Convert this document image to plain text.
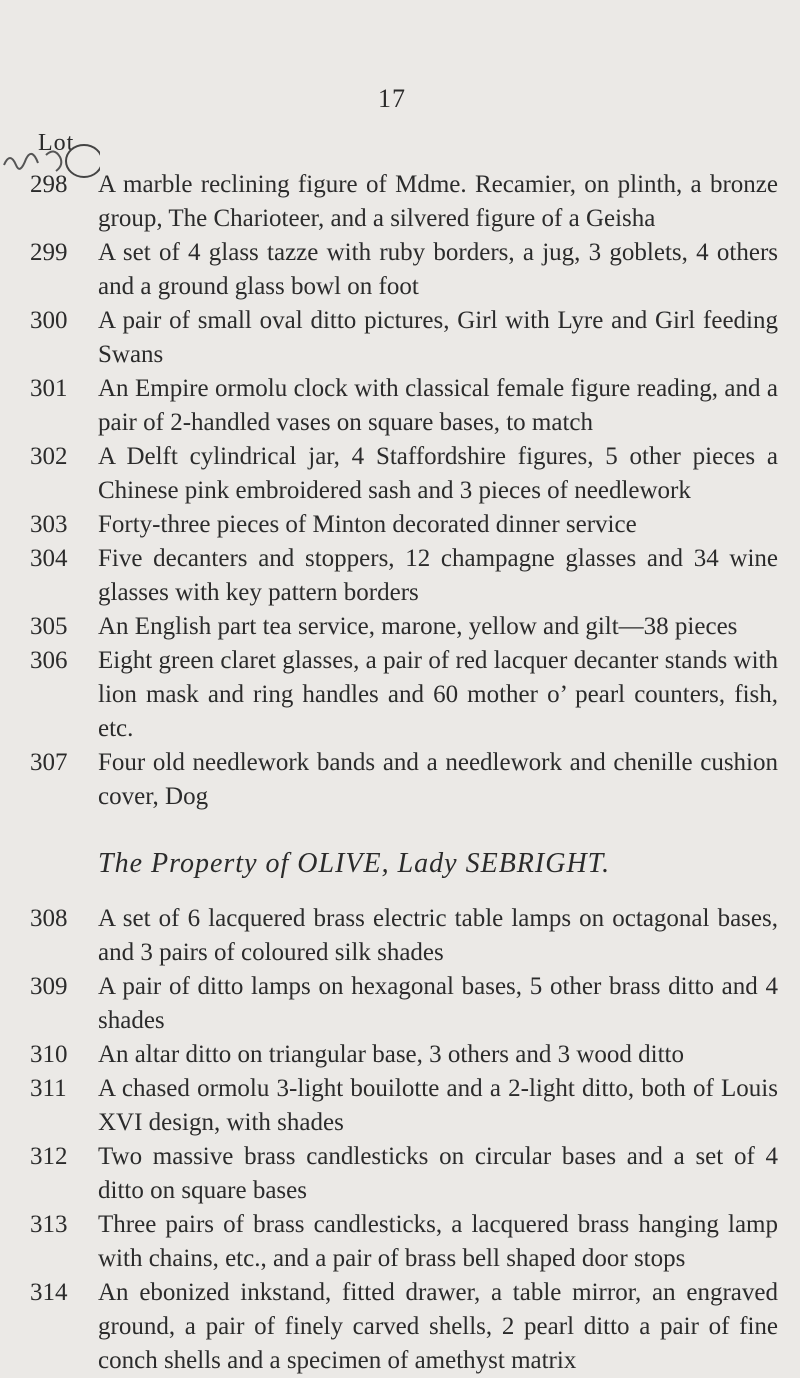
17
Lot
298	A marble reclining figure of Mdme. Recamier, on plinth, a bronze group, The Charioteer, and a silvered figure of a Geisha
299	A set of 4 glass tazze with ruby borders, a jug, 3 goblets, 4 others and a ground glass bowl on foot
300	A pair of small oval ditto pictures, Girl with Lyre and Girl feeding Swans
301	An Empire ormolu clock with classical female figure reading, and a pair of 2-handled vases on square bases, to match
302	A Delft cylindrical jar, 4 Staffordshire figures, 5 other pieces a Chinese pink embroidered sash and 3 pieces of needlework
303	Forty-three pieces of Minton decorated dinner service
304	Five decanters and stoppers, 12 champagne glasses and 34 wine glasses with key pattern borders
305	An English part tea service, marone, yellow and gilt—38 pieces
306	Eight green claret glasses, a pair of red lacquer decanter stands with lion mask and ring handles and 60 mother o’ pearl counters, fish, etc.
307	Four old needlework bands and a needlework and chenille cushion cover, Dog
The Property of OLIVE, Lady SEBRIGHT.
308	A set of 6 lacquered brass electric table lamps on octagonal bases, and 3 pairs of coloured silk shades
309	A pair of ditto lamps on hexagonal bases, 5 other brass ditto and 4 shades
310	An altar ditto on triangular base, 3 others and 3 wood ditto
311	A chased ormolu 3-light bouilotte and a 2-light ditto, both of Louis XVI design, with shades
312	Two massive brass candlesticks on circular bases and a set of 4 ditto on square bases
313	Three pairs of brass candlesticks, a lacquered brass hanging lamp with chains, etc., and a pair of brass bell shaped door stops
314	An ebonized inkstand, fitted drawer, a table mirror, an engraved ground, a pair of finely carved shells, 2 pearl ditto a pair of fine conch shells and a specimen of amethyst matrix
